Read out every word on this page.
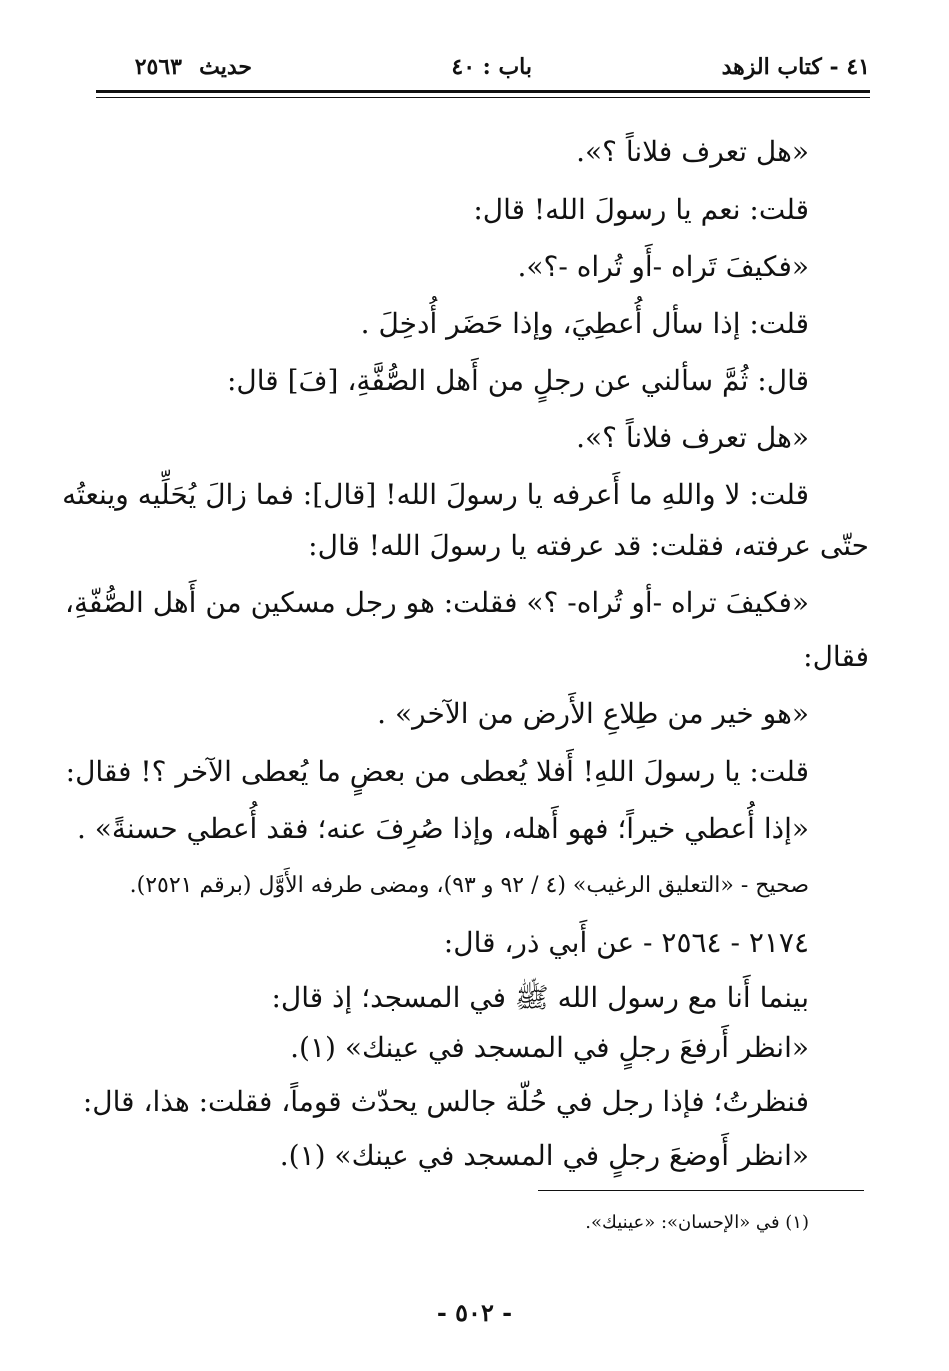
٤١ - كتاب الزهد
باب : ٤٠
حديث
٢٥٦٣
«هل تعرف فلاناً ؟».
قلت: نعم يا رسولَ الله! قال:
«فكيفَ تَراه -أَو تُراه -؟».
قلت: إذا سأل أُعطِيَ، وإذا حَضَر أُدخِلَ .
قال: ثُمَّ سألني عن رجلٍ من أَهل الصُّفَّةِ، [فَ] قال:
«هل تعرف فلاناً ؟».
قلت: لا واللهِ ما أَعرفه يا رسولَ الله! [قال]: فما زالَ يُحَلِّيه وينعتُه
حتّى عرفته، فقلت: قد عرفته يا رسولَ الله! قال:
«فكيفَ تراه -أو تُراه- ؟» فقلت: هو رجل مسكين من أَهل الصُّفّةِ،
فقال:
«هو خير من طِلاعِ الأَرض من الآخر» .
قلت: يا رسولَ اللهِ! أَفلا يُعطى من بعضٍ ما يُعطى الآخر ؟! فقال:
«إذا أُعطي خيراً؛ فهو أَهله، وإذا صُرِفَ عنه؛ فقد أُعطي حسنةً» .
صحيح - «التعليق الرغيب» (٤ / ٩٢ و ٩٣)، ومضى طرفه الأَوَّل (برقم ٢٥٢١).
٢١٧٤ - ٢٥٦٤ - عن أَبي ذر، قال:
بينما أَنا مع رسول الله ﷺ في المسجد؛ إذ قال:
«انظر أَرفعَ رجلٍ في المسجد في عينك» (١).
فنظرتُ؛ فإذا رجل في حُلّة جالس يحدّث قوماً، فقلت: هذا، قال:
«انظر أَوضعَ رجلٍ في المسجد في عينك» (١).
(١) في «الإحسان»: «عينيك».
- ٥٠٢ -
